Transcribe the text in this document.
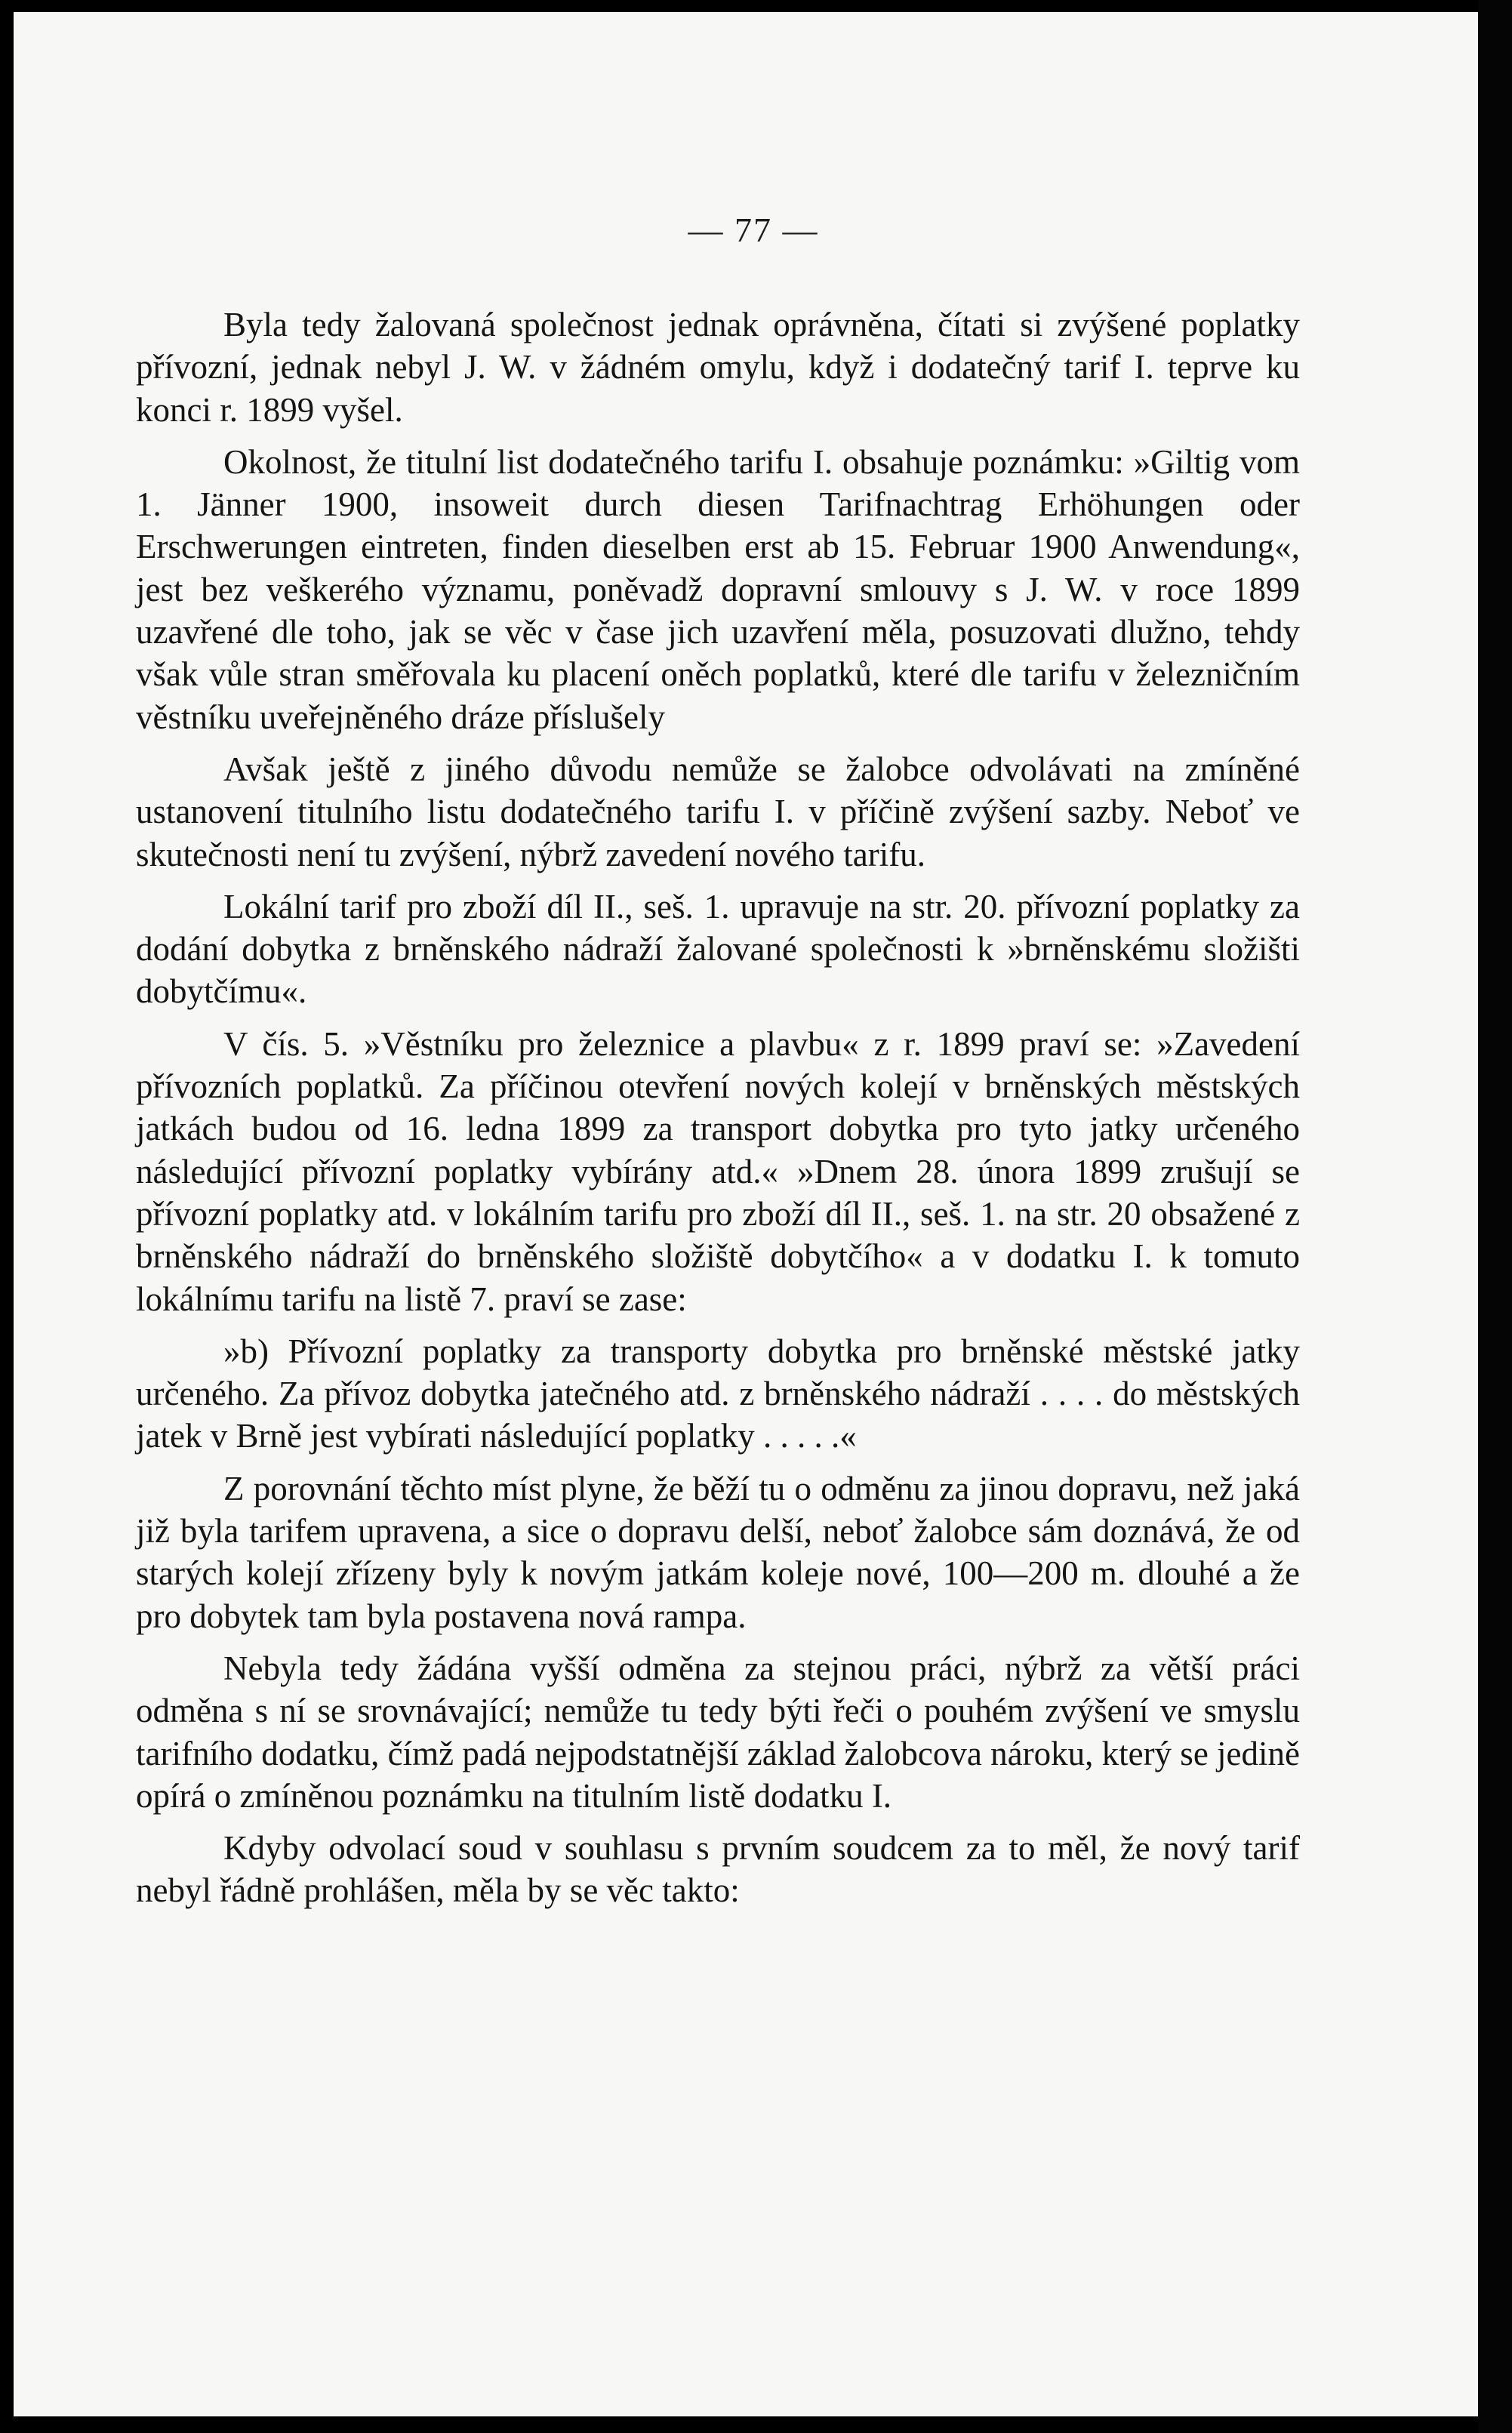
— 77 —

Byla tedy žalovaná společnost jednak oprávněna, čítati si zvýšené poplatky přívozní, jednak nebyl J. W. v žádném omylu, když i dodatečný tarif I. teprve ku konci r. 1899 vyšel.

Okolnost, že titulní list dodatečného tarifu I. obsahuje poznámku: »Giltig vom 1. Jänner 1900, insoweit durch diesen Tarifnachtrag Erhöhungen oder Erschwerungen eintreten, finden dieselben erst ab 15. Februar 1900 Anwendung«, jest bez veškerého významu, poněvadž dopravní smlouvy s J. W. v roce 1899 uzavřené dle toho, jak se věc v čase jich uzavření měla, posuzovati dlužno, tehdy však vůle stran směřovala ku placení oněch poplatků, které dle tarifu v železničním věstníku uveřejněného dráze příslušely

Avšak ještě z jiného důvodu nemůže se žalobce odvolávati na zmíněné ustanovení titulního listu dodatečného tarifu I. v příčině zvýšení sazby. Neboť ve skutečnosti není tu zvýšení, nýbrž zavedení nového tarifu.

Lokální tarif pro zboží díl II., seš. 1. upravuje na str. 20. přívozní poplatky za dodání dobytka z brněnského nádraží žalované společnosti k »brněnskému složišti dobytčímu«.

V čís. 5. »Věstníku pro železnice a plavbu« z r. 1899 praví se: »Zavedení přívozních poplatků. Za příčinou otevření nových kolejí v brněnských městských jatkách budou od 16. ledna 1899 za transport dobytka pro tyto jatky určeného následující přívozní poplatky vybírány atd.« »Dnem 28. února 1899 zrušují se přívozní poplatky atd. v lokálním tarifu pro zboží díl II., seš. 1. na str. 20 obsažené z brněnského nádraží do brněnského složiště dobytčího« a v dodatku I. k tomuto lokálnímu tarifu na listě 7. praví se zase:

»b) Přívozní poplatky za transporty dobytka pro brněnské městské jatky určeného. Za přívoz dobytka jatečného atd. z brněnského nádraží . . . . do městských jatek v Brně jest vybírati následující poplatky . . . . .«

Z porovnání těchto míst plyne, že běží tu o odměnu za jinou dopravu, než jaká již byla tarifem upravena, a sice o dopravu delší, neboť žalobce sám doznává, že od starých kolejí zřízeny byly k novým jatkám koleje nové, 100—200 m. dlouhé a že pro dobytek tam byla postavena nová rampa.

Nebyla tedy žádána vyšší odměna za stejnou práci, nýbrž za větší práci odměna s ní se srovnávající; nemůže tu tedy býti řeči o pouhém zvýšení ve smyslu tarifního dodatku, čímž padá nejpodstatnější základ žalobcova nároku, který se jedině opírá o zmíněnou poznámku na titulním listě dodatku I.

Kdyby odvolací soud v souhlasu s prvním soudcem za to měl, že nový tarif nebyl řádně prohlášen, měla by se věc takto:
